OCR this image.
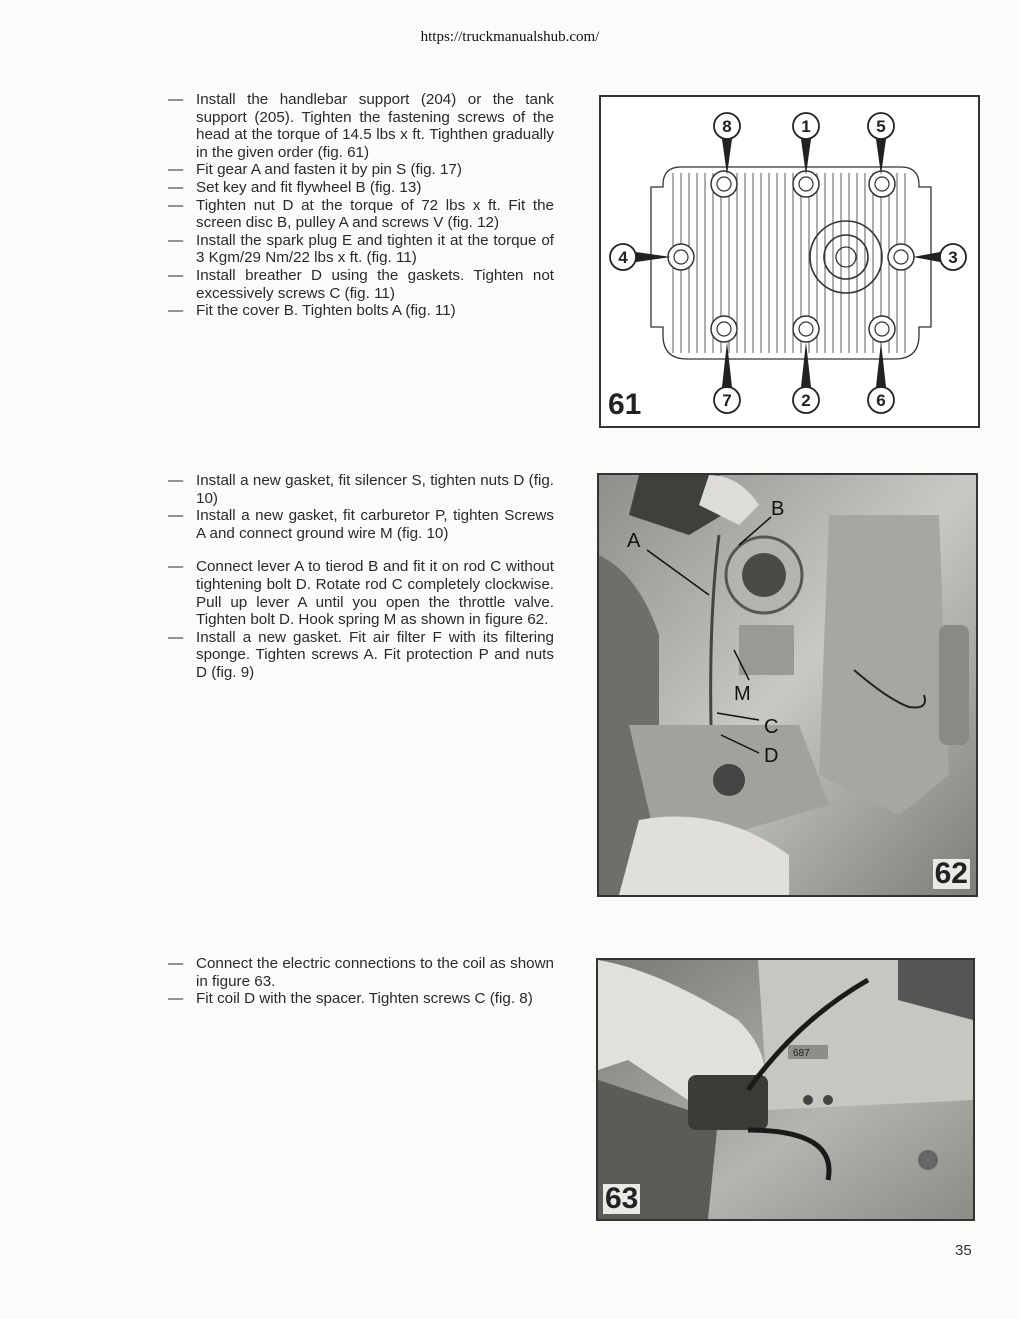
https://truckmanualshub.com/
— Install the handlebar support (204) or the tank support (205). Tighten the fastening screws of the head at the torque of 14.5 lbs x ft. Tighthen gradually in the given order (fig. 61)
— Fit gear A and fasten it by pin S (fig. 17)
— Set key and fit flywheel B (fig. 13)
— Tighten nut D at the torque of 72 lbs x ft. Fit the screen disc B, pulley A and screws V (fig. 12)
— Install the spark plug E and tighten it at the torque of 3 Kgm/29 Nm/22 lbs x ft. (fig. 11)
— Install breather D using the gaskets. Tighten not excessively screws C (fig. 11)
— Fit the cover B. Tighten bolts A (fig. 11)
— Install a new gasket, fit silencer S, tighten nuts D (fig. 10)
— Install a new gasket, fit carburetor P, tighten Screws A and connect ground wire M (fig. 10)
— Connect lever A to tierod B and fit it on rod C without tightening bolt D. Rotate rod C completely clockwise. Pull up lever A until you open the throttle valve. Tighten bolt D. Hook spring M as shown in figure 62.
— Install a new gasket. Fit air filter F with its filtering sponge. Tighten screws A. Fit protection P and nuts D (fig. 9)
— Connect the electric connections to the coil as shown in figure 63.
— Fit coil D with the spacer. Tighten screws C (fig. 8)
8	1	5
4	3
7	2	6
61
A
B
M
C
D
62
687
63
35
